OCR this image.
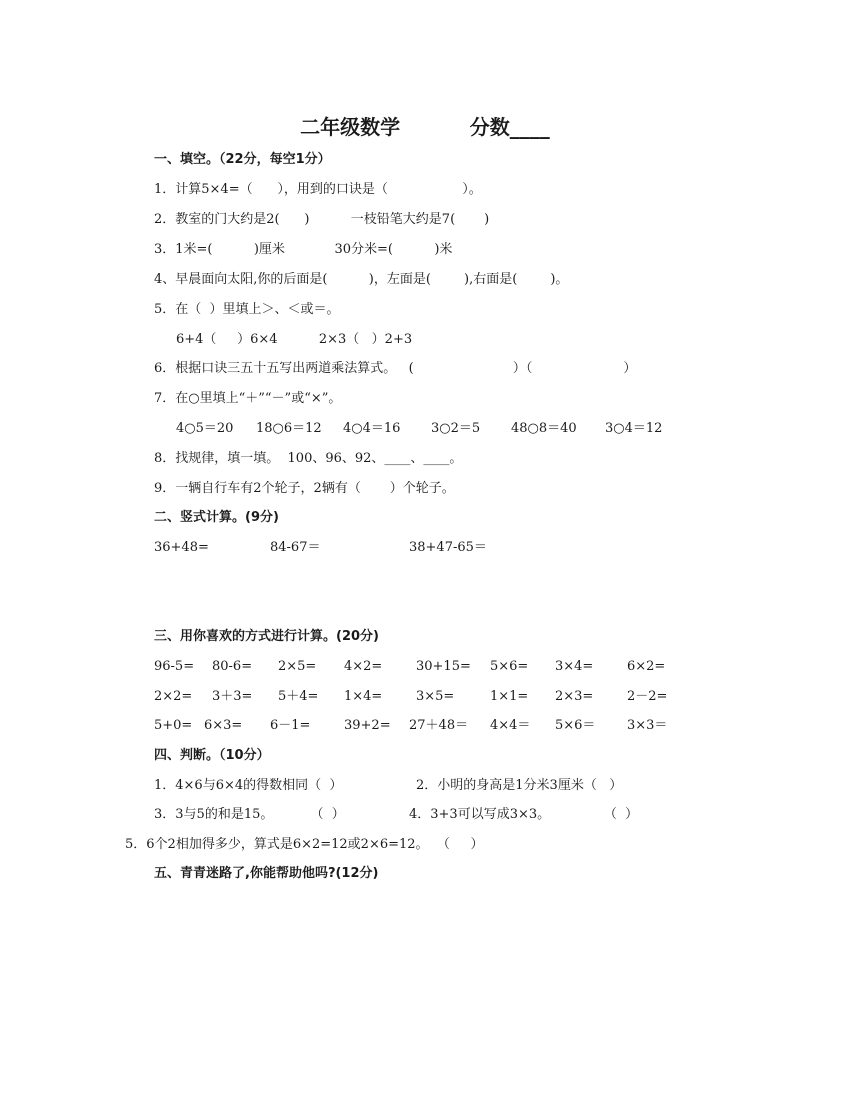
二年级数学          分数____
一、填空。（22分，每空1分）
1．计算5×4=（      ），用到的口诀是（                  ）。
2．教室的门大约是2(      )          一枝铅笔大约是7(       )
3．1米=(          )厘米            30分米=(          )米
4、早晨面向太阳,你的后面是(          )，左面是(        ),右面是(        )。
5．在（  ）里填上＞、＜或＝。
6+4（     ）6×4          2×3（   ）2+3
6．根据口诀三五十五写出两道乘法算式。   (                        ）（                      ）
7．在○里填上“＋”“－”或“×”。
4○5＝20 18○6＝12 4○4＝16 3○2＝5 48○8＝40 3○4＝12
8．找规律，填一填。  100、96、92、____、____。
9．一辆自行车有2个轮子，2辆有（       ）个轮子。
二、竖式计算。(9分)
36+48=	84-67＝	38+47-65＝
三、用你喜欢的方式进行计算。(20分)
96-5= 80-6= 2×5= 4×2=	30+15= 5×6= 3×4=	6×2=
2×2= 3＋3= 5＋4= 1×4=	3×5=	1×1= 2×3=	2－2=
5+0= 6×3= 6－1=	39+2= 27＋48＝ 4×4＝ 5×6＝ 3×3＝
四、判断。（10分）
1．4×6与6×4的得数相同（  ）	2．小明的身高是1分米3厘米（   ）
3．3与5的和是15。         （  ）	4．3+3可以写成3×3。             （  ）
5．6个2相加得多少，算式是6×2=12或2×6=12。  （     ）
五、青青迷路了,你能帮助他吗?(12分)
